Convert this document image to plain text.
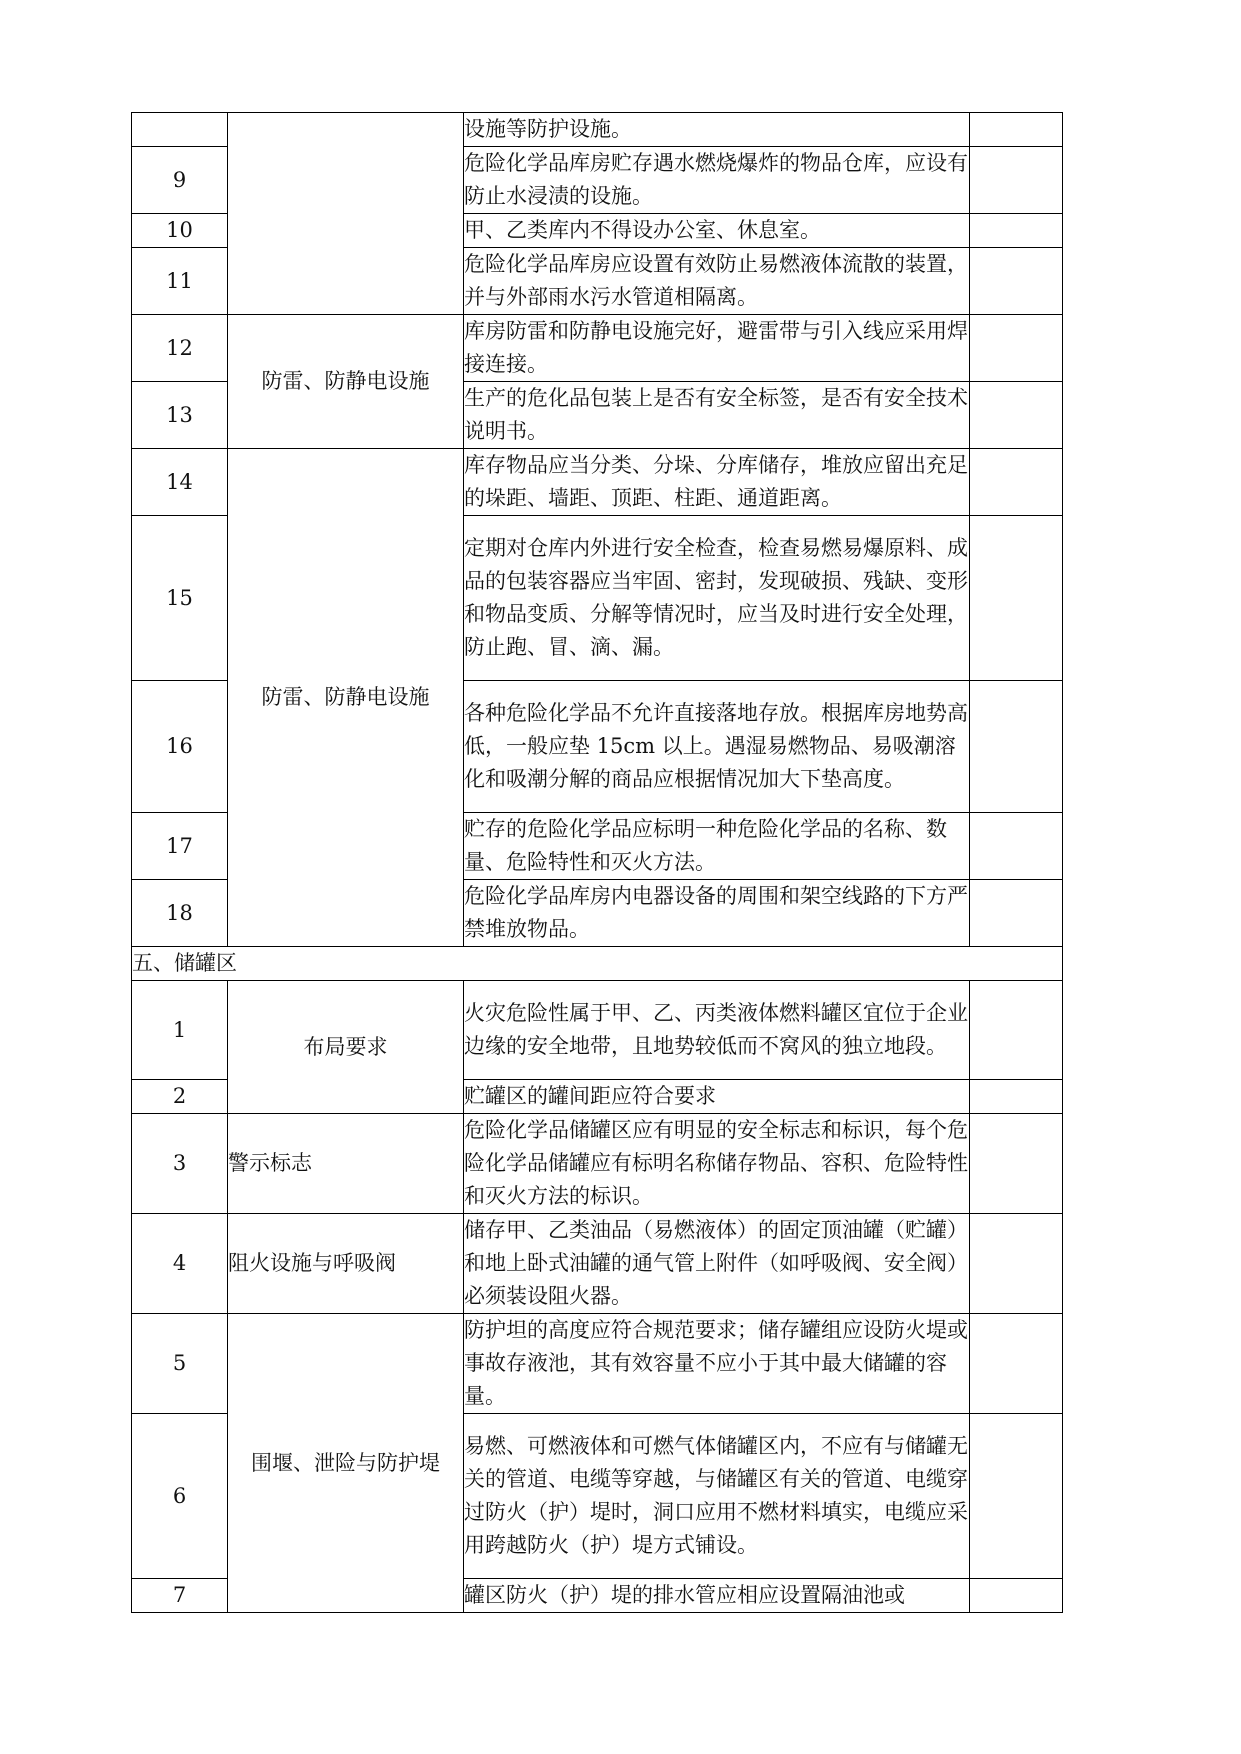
		设施等防护设施。	
9		危险化学品库房贮存遇水燃烧爆炸的物品仓库，应设有防止水浸渍的设施。	
10		甲、乙类库内不得设办公室、休息室。	
11		危险化学品库房应设置有效防止易燃液体流散的装置，并与外部雨水污水管道相隔离。	
12	防雷、防静电设施	库房防雷和防静电设施完好，避雷带与引入线应采用焊接连接。	
13		生产的危化品包装上是否有安全标签，是否有安全技术说明书。	
14	防雷、防静电设施	库存物品应当分类、分垛、分库储存，堆放应留出充足的垛距、墙距、顶距、柱距、通道距离。	
15		定期对仓库内外进行安全检查，检查易燃易爆原料、成品的包装容器应当牢固、密封，发现破损、残缺、变形和物品变质、分解等情况时，应当及时进行安全处理，防止跑、冒、滴、漏。	
16		各种危险化学品不允许直接落地存放。根据库房地势高低，一般应垫 15cm 以上。遇湿易燃物品、易吸潮溶化和吸潮分解的商品应根据情况加大下垫高度。	
17		贮存的危险化学品应标明一种危险化学品的名称、数量、危险特性和灭火方法。	
18		危险化学品库房内电器设备的周围和架空线路的下方严禁堆放物品。	
五、储罐区			
1	布局要求	火灾危险性属于甲、乙、丙类液体燃料罐区宜位于企业边缘的安全地带，且地势较低而不窝风的独立地段。	
2		贮罐区的罐间距应符合要求	
3	警示标志	危险化学品储罐区应有明显的安全标志和标识，每个危险化学品储罐应有标明名称储存物品、容积、危险特性和灭火方法的标识。	
4	阻火设施与呼吸阀	储存甲、乙类油品（易燃液体）的固定顶油罐（贮罐）和地上卧式油罐的通气管上附件（如呼吸阀、安全阀）必须装设阻火器。	
5	围堰、泄险与防护堤	防护坦的高度应符合规范要求；储存罐组应设防火堤或事故存液池，其有效容量不应小于其中最大储罐的容量。	
6		易燃、可燃液体和可燃气体储罐区内，不应有与储罐无关的管道、电缆等穿越，与储罐区有关的管道、电缆穿过防火（护）堤时，洞口应用不燃材料填实，电缆应采用跨越防火（护）堤方式铺设。	
7		罐区防火（护）堤的排水管应相应设置隔油池或	
